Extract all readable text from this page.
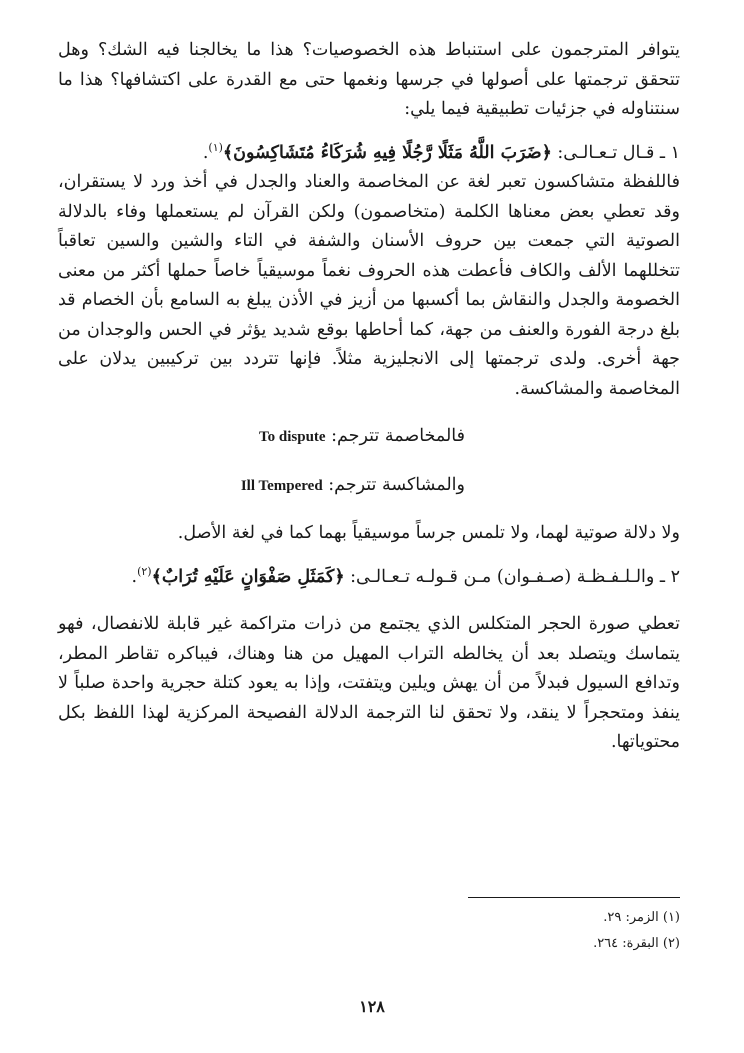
يتوافر المترجمون على استنباط هذه الخصوصيات؟ هذا ما يخالجنا فيه الشك؟ وهل تتحقق ترجمتها على أصولها في جرسها ونغمها حتى مع القدرة على اكتشافها؟ هذا ما سنتناوله في جزئيات تطبيقية فيما يلي:

١ ـ قـال تـعـالـى: ﴿ضَرَبَ اللَّهُ مَثَلًا رَّجُلًا فِيهِ شُرَكَاءُ مُتَشَاكِسُونَ﴾$^{(١)}$.

فاللفظة متشاكسون تعبر لغة عن المخاصمة والعناد والجدل في أخذ ورد لا يستقران، وقد تعطي بعض معناها الكلمة (متخاصمون) ولكن القرآن لم يستعملها وفاء بالدلالة الصوتية التي جمعت بين حروف الأسنان والشفة في التاء والشين والسين تعاقباً تتخللهما الألف والكاف فأعطت هذه الحروف نغماً موسيقياً خاصاً حملها أكثر من معنى الخصومة والجدل والنقاش بما أكسبها من أزيز في الأذن يبلغ به السامع بأن الخصام قد بلغ درجة الفورة والعنف من جهة، كما أحاطها بوقع شديد يؤثر في الحس والوجدان من جهة أخرى. ولدى ترجمتها إلى الانجليزية مثلاً. فإنها تتردد بين تركيبين يدلان على المخاصمة والمشاكسة.

فالمخاصمة تترجم: To dispute

والمشاكسة تترجم: Ill Tempered

ولا دلالة صوتية لهما، ولا تلمس جرساً موسيقياً بهما كما في لغة الأصل.

٢ ـ والـلـفـظـة (صـفـوان) مـن قـولـه تـعـالـى: ﴿كَمَثَلِ صَفْوَانٍ عَلَيْهِ تُرَابٌ﴾$^{(٢)}$.

تعطي صورة الحجر المتكلس الذي يجتمع من ذرات متراكمة غير قابلة للانفصال، فهو يتماسك ويتصلد بعد أن يخالطه التراب المهيل من هنا وهناك، فيباكره تقاطر المطر، وتدافع السيول فبدلاً من أن يهش ويلين ويتفتت، وإذا به يعود كتلة حجرية واحدة صلباً لا ينفذ ومتحجراً لا ينقد، ولا تحقق لنا الترجمة الدلالة الفصيحة المركزية لهذا اللفظ بكل محتوياتها.

(١) الزمر: ٢٩.

(٢) البقرة: ٢٦٤.

١٢٨
